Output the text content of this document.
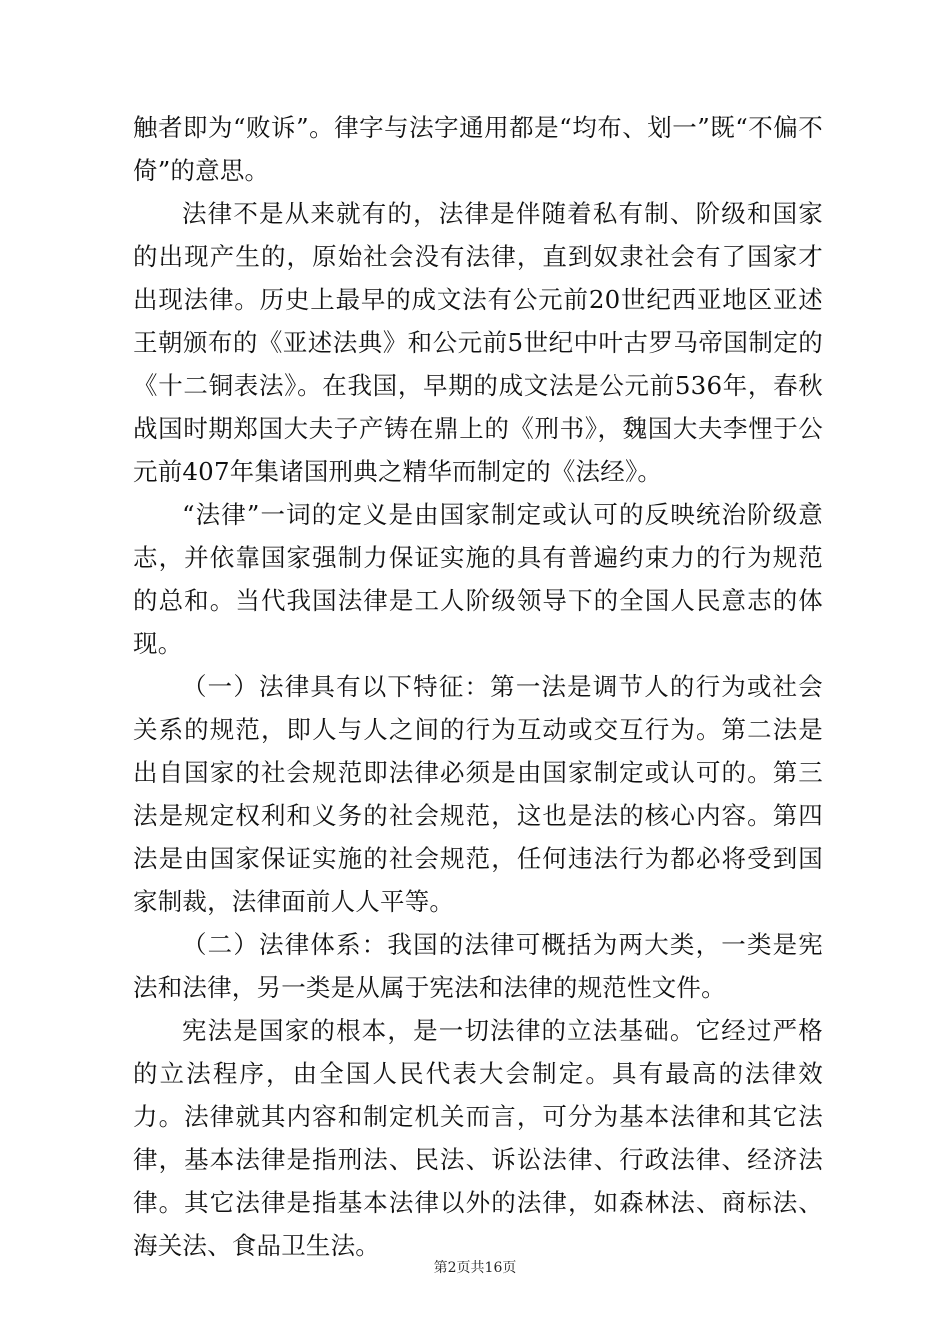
触者即为“败诉”。律字与法字通用都是“均布、划一”既“不偏不倚”的意思。

法律不是从来就有的，法律是伴随着私有制、阶级和国家的出现产生的，原始社会没有法律，直到奴隶社会有了国家才出现法律。历史上最早的成文法有公元前20世纪西亚地区亚述王朝颁布的《亚述法典》和公元前5世纪中叶古罗马帝国制定的《十二铜表法》。在我国，早期的成文法是公元前536年，春秋战国时期郑国大夫子产铸在鼎上的《刑书》，魏国大夫李悝于公元前407年集诸国刑典之精华而制定的《法经》。

“法律”一词的定义是由国家制定或认可的反映统治阶级意志，并依靠国家强制力保证实施的具有普遍约束力的行为规范的总和。当代我国法律是工人阶级领导下的全国人民意志的体现。

（一）法律具有以下特征：第一法是调节人的行为或社会关系的规范，即人与人之间的行为互动或交互行为。第二法是出自国家的社会规范即法律必须是由国家制定或认可的。第三法是规定权利和义务的社会规范，这也是法的核心内容。第四法是由国家保证实施的社会规范，任何违法行为都必将受到国家制裁，法律面前人人平等。

（二）法律体系：我国的法律可概括为两大类，一类是宪法和法律，另一类是从属于宪法和法律的规范性文件。

宪法是国家的根本，是一切法律的立法基础。它经过严格的立法程序，由全国人民代表大会制定。具有最高的法律效力。法律就其内容和制定机关而言，可分为基本法律和其它法律，基本法律是指刑法、民法、诉讼法律、行政法律、经济法律。其它法律是指基本法律以外的法律，如森林法、商标法、海关法、食品卫生法。

第2页共16页
